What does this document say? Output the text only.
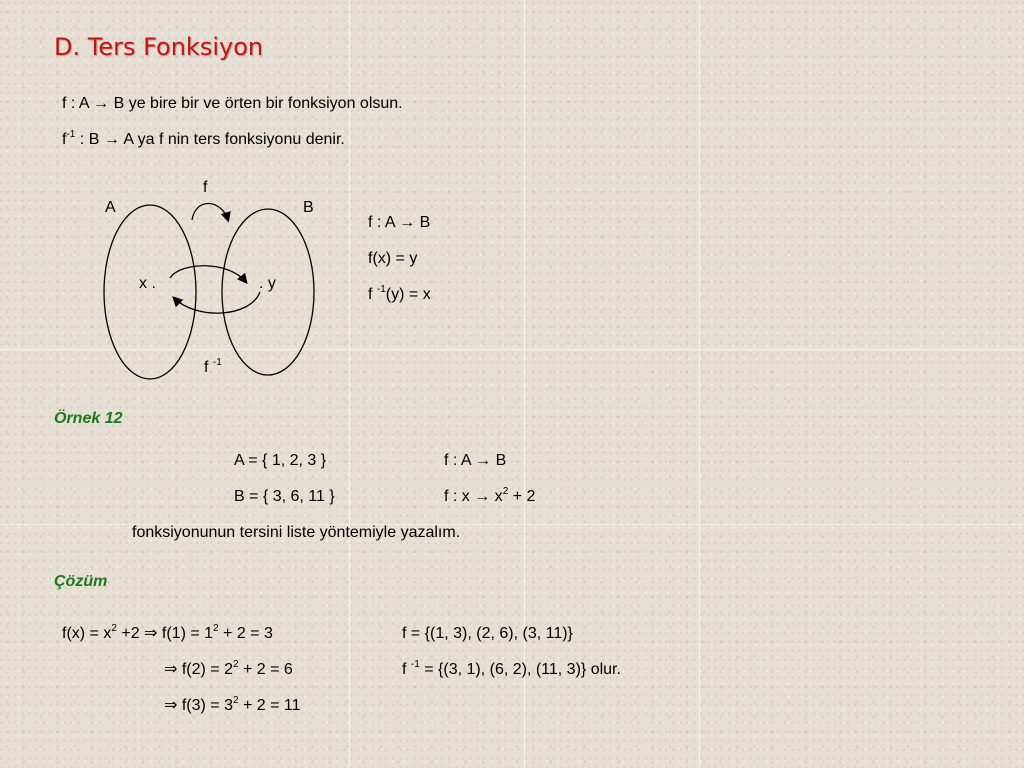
D. Ters Fonksiyon
f : A → B ye bire bir ve örten bir fonksiyon olsun.
$f^{-1}$ : B → A ya f nin ters fonksiyonu denir.
A	B
f
x .	. y
f $^{-1}$
f : A → B
f(x) = y
f $^{-1}$(y) = x
Örnek 12
A = { 1, 2, 3 }
B = { 3, 6, 11 }
f : A → B
f : $x \to x^2 + 2$
fonksiyonunun tersini liste yöntemiyle yazalım.
Çözüm
$f(x) = x^2 +2$ ⇒ $f(1) = 1^2 + 2 = 3$
⇒ $f(2) = 2^2 + 2 = 6$
⇒ $f(3) = 3^2 + 2 = 11$
f = {(1, 3), (2, 6), (3, 11)}
f $^{-1}$ = {(3, 1), (6, 2), (11, 3)} olur.
